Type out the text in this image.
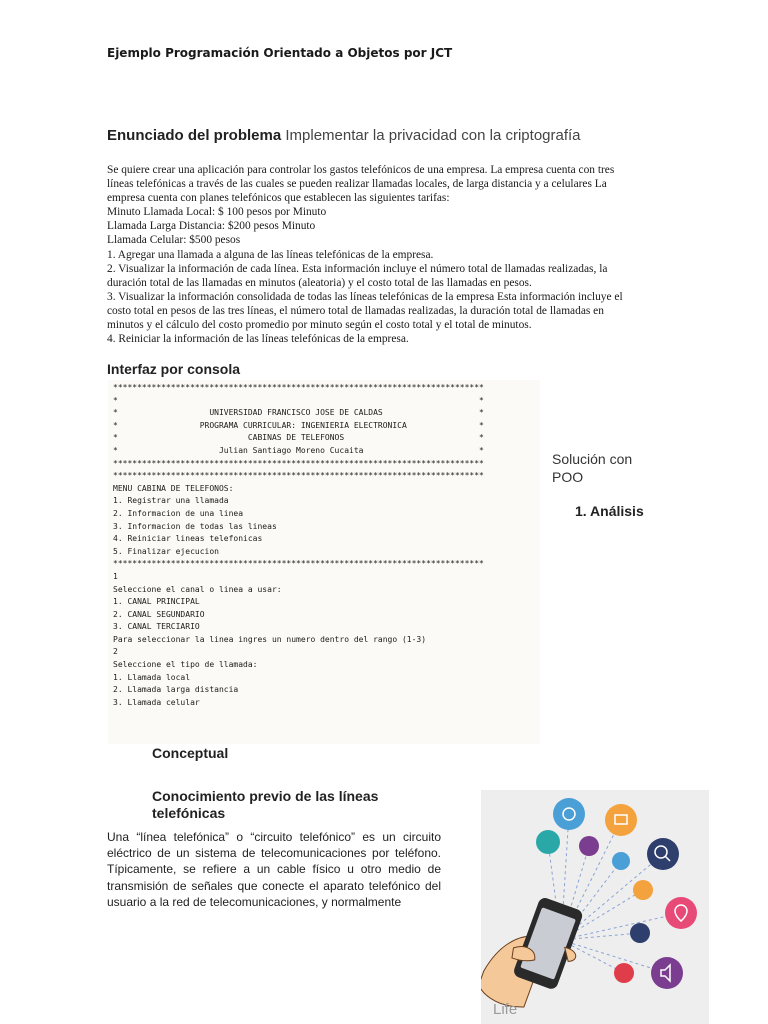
Ejemplo Programación Orientado a Objetos por JCT
Enunciado del problema Implementar la privacidad con la criptografía

Se quiere crear una aplicación para controlar los gastos telefónicos de una empresa. La empresa cuenta con tres

líneas telefónicas a través de las cuales se pueden realizar llamadas locales, de larga distancia y a celulares La

empresa cuenta con planes telefónicos que establecen las siguientes tarifas:

Minuto Llamada Local: $ 100 pesos por Minuto

Llamada Larga Distancia: $200 pesos Minuto

Llamada Celular: $500 pesos

1. Agregar una llamada a alguna de las líneas telefónicas de la empresa.

2. Visualizar la información de cada línea. Esta información incluye el número total de llamadas realizadas, la

duración total de las llamadas en minutos (aleatoria) y el costo total de las llamadas en pesos.

3. Visualizar la información consolidada de todas las líneas telefónicas de la empresa Esta información incluye el

costo total en pesos de las tres líneas, el número total de llamadas realizadas, la duración total de llamadas en

minutos y el cálculo del costo promedio por minuto según el costo total y el total de minutos.

4. Reiniciar la información de las líneas telefónicas de la empresa.

Interfaz por consola
*****************************************************************************
*                                                                           *
*                   UNIVERSIDAD FRANCISCO JOSE DE CALDAS                    *
*                 PROGRAMA CURRICULAR: INGENIERIA ELECTRONICA               *
*                           CABINAS DE TELEFONOS                            *
*                     Julian Santiago Moreno Cucaita                        *
*****************************************************************************
*****************************************************************************
MENU CABINA DE TELEFONOS:
1. Registrar una llamada
2. Informacion de una linea
3. Informacion de todas las lineas
4. Reiniciar lineas telefonicas
5. Finalizar ejecucion
*****************************************************************************
1
Seleccione el canal o linea a usar:
1. CANAL PRINCIPAL
2. CANAL SEGUNDARIO
3. CANAL TERCIARIO
Para seleccionar la linea ingres un numero dentro del rango (1-3)
2
Seleccione el tipo de llamada:
1. Llamada local
2. Llamada larga distancia
3. Llamada celular
Solución con POO
1. Análisis
Conceptual
Conocimiento previo de las líneas telefónicas
Una “línea telefónica” o “circuito telefónico” es un circuito eléctrico de un sistema de telecomunicaciones por teléfono. Típicamente, se refiere a un cable físico u otro medio de transmisión de señales que conecte el aparato telefónico del usuario a la red de telecomunicaciones, y normalmente
Life
